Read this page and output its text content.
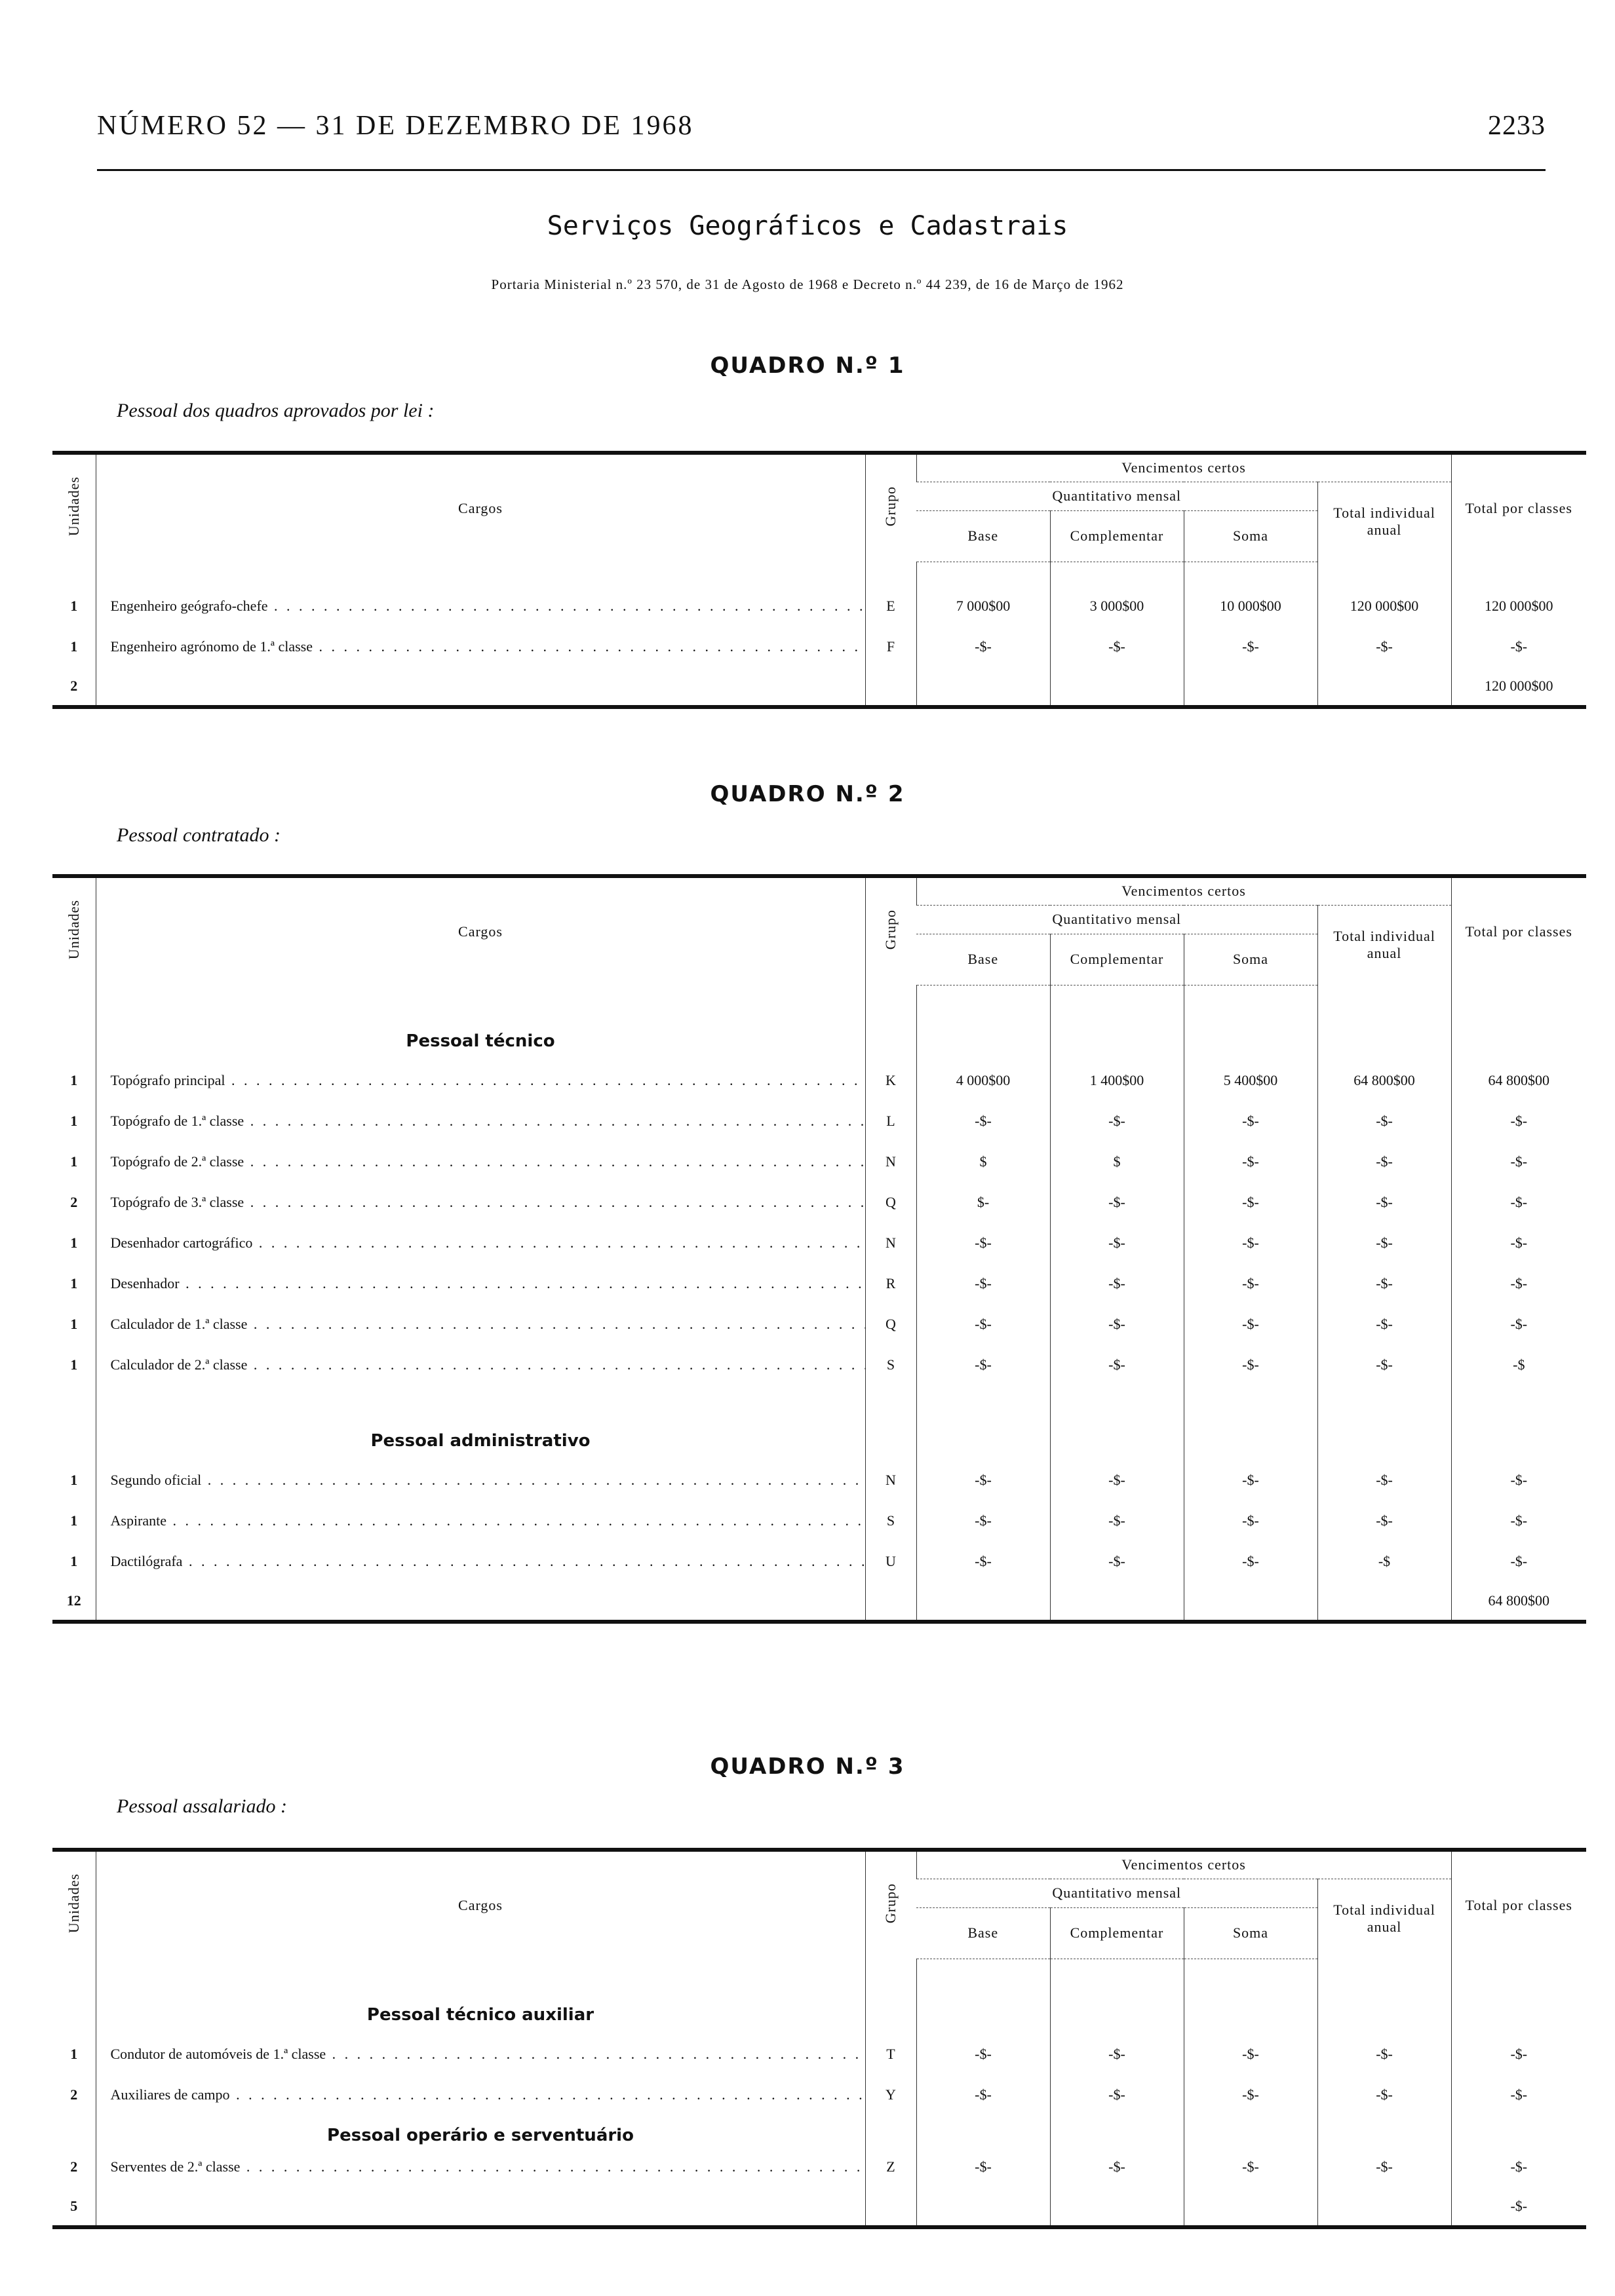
NÚMERO 52 — 31 DE DEZEMBRO DE 1968	2233
Serviços Geográficos e Cadastrais
Portaria Ministerial n.º 23 570, de 31 de Agosto de 1968 e Decreto n.º 44 239, de 16 de Março de 1962
QUADRO N.º 1
Pessoal dos quadros aprovados por lei :
Unidades	Cargos	Grupo	Vencimentos certos				Total por classes
			Quantitativo mensal			Total individual anual	
			Base	Complementar	Soma		

1	Engenheiro geógrafo-chefe . . .	E	7 000$00	3 000$00	10 000$00	120 000$00	120 000$00
1	Engenheiro agrónomo de 1.ª classe . . .	F	-$-	-$-	-$-	-$-	-$-
2							120 000$00
QUADRO N.º 2
Pessoal contratado :
Unidades	Cargos	Grupo	Vencimentos certos				Total por classes
			Quantitativo mensal			Total individual anual	
			Base	Complementar	Soma		
	Pessoal técnico						
1	Topógrafo principal . . .	K	4 000$00	1 400$00	5 400$00	64 800$00	64 800$00
1	Topógrafo de 1.ª classe . . .	L	-$-	-$-	-$-	-$-	-$-
1	Topógrafo de 2.ª classe . . .	N	$	$	-$-	-$-	-$-
2	Topógrafo de 3.ª classe . . .	Q	$-	-$-	-$-	-$-	-$-
1	Desenhador cartográfico . . .	N	-$-	-$-	-$-	-$-	-$-
1	Desenhador . . .	R	-$-	-$-	-$-	-$-	-$-
1	Calculador de 1.ª classe . . .	Q	-$-	-$-	-$-	-$-	-$-
1	Calculador de 2.ª classe . . .	S	-$-	-$-	-$-	-$-	-$
	Pessoal administrativo						
1	Segundo oficial . . .	N	-$-	-$-	-$-	-$-	-$-
1	Aspirante . . .	S	-$-	-$-	-$-	-$-	-$-
1	Dactilógrafa . . .	U	-$-	-$-	-$-	-$	-$-
12							64 800$00
QUADRO N.º 3
Pessoal assalariado :
Unidades	Cargos	Grupo	Vencimentos certos				Total por classes
			Quantitativo mensal			Total individual anual	
			Base	Complementar	Soma		
	Pessoal técnico auxiliar						
1	Condutor de automóveis de 1.ª classe . . .	T	-$-	-$-	-$-	-$-	-$-
2	Auxiliares de campo . . .	Y	-$-	-$-	-$-	-$-	-$-
	Pessoal operário e serventuário						
2	Serventes de 2.ª classe . . .	Z	-$-	-$-	-$-	-$-	-$-
5							-$-
